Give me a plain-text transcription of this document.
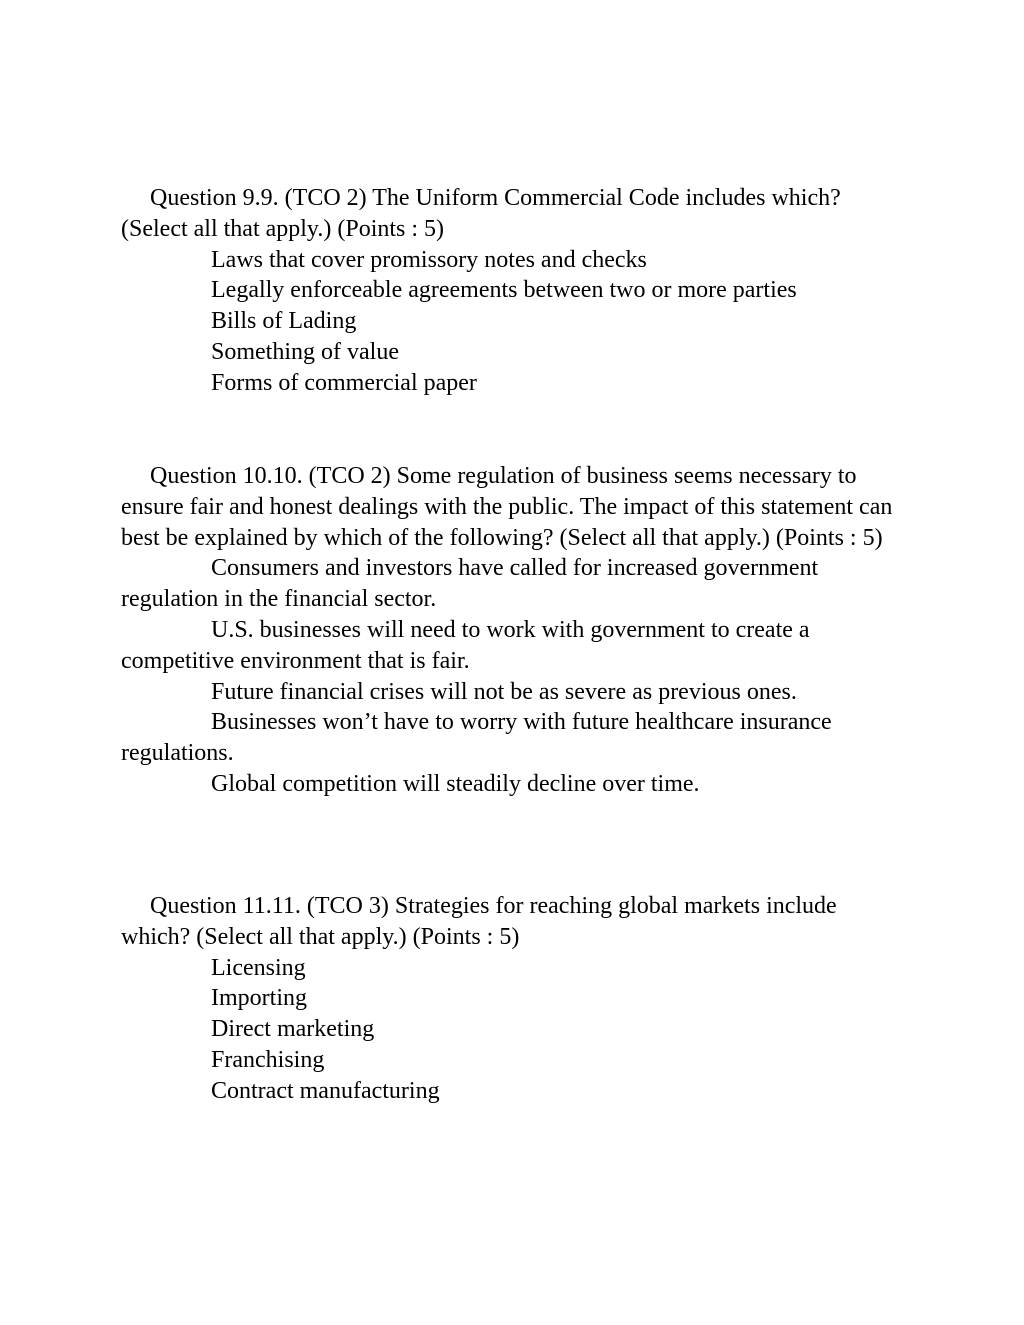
Question 9.9. (TCO 2) The Uniform Commercial Code includes which? (Select all that apply.) (Points : 5)

Laws that cover promissory notes and checks
Legally enforceable agreements between two or more parties
Bills of Lading
Something of value
Forms of commercial paper

Question 10.10. (TCO 2) Some regulation of business seems necessary to ensure fair and honest dealings with the public. The impact of this statement can best be explained by which of the following? (Select all that apply.) (Points : 5)

Consumers and investors have called for increased government regulation in the financial sector.
U.S. businesses will need to work with government to create a competitive environment that is fair.
Future financial crises will not be as severe as previous ones.
Businesses won’t have to worry with future healthcare insurance regulations.
Global competition will steadily decline over time.

Question 11.11. (TCO 3) Strategies for reaching global markets include which? (Select all that apply.) (Points : 5)

Licensing
Importing
Direct marketing
Franchising
Contract manufacturing
